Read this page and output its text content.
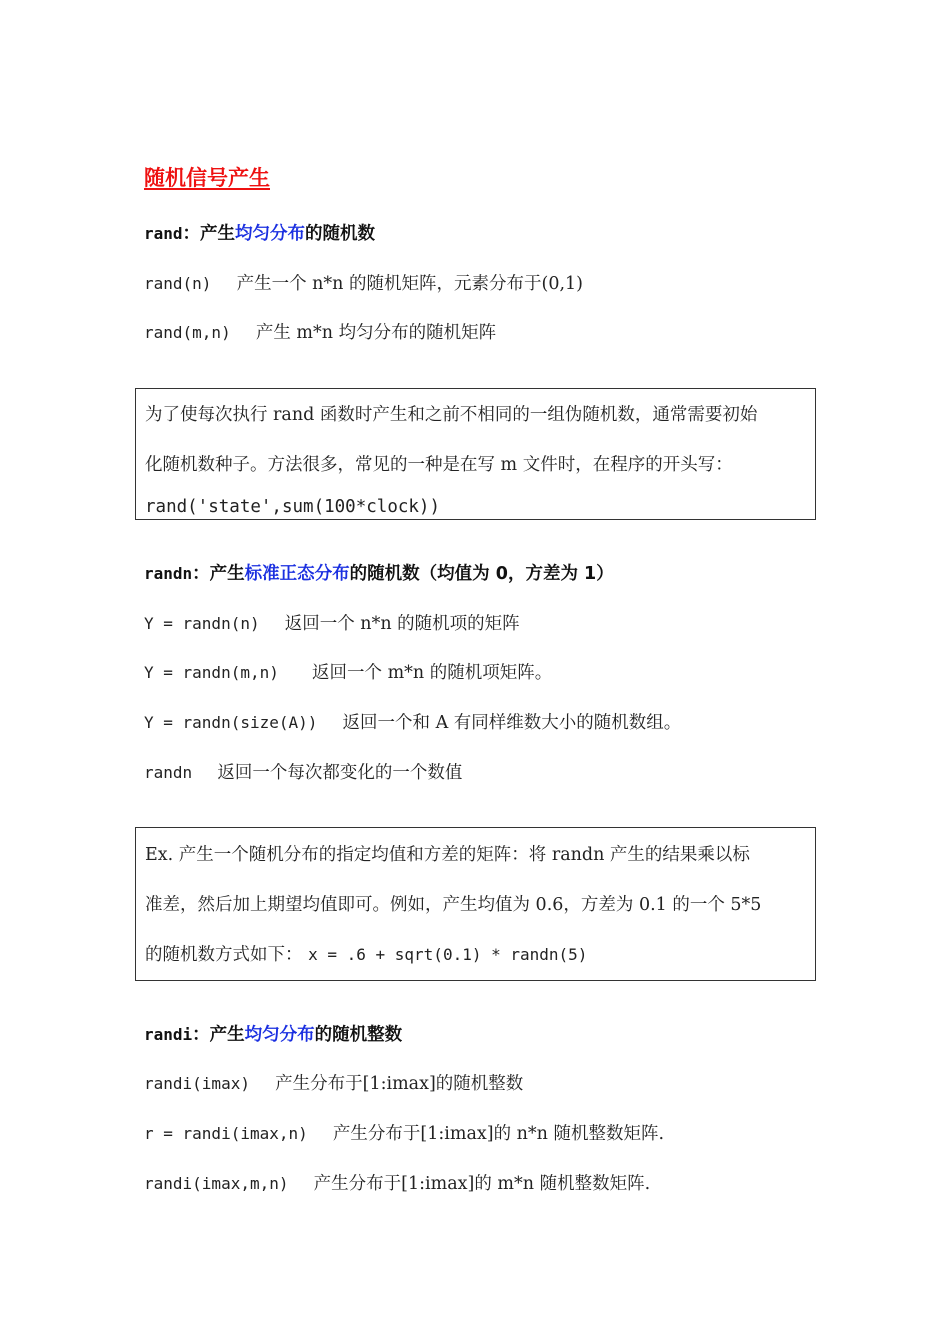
随机信号产生
rand：产生均匀分布的随机数
rand(n) 产生一个 n*n 的随机矩阵，元素分布于(0,1)
rand(m,n) 产生 m*n 均匀分布的随机矩阵
为了使每次执行 rand 函数时产生和之前不相同的一组伪随机数，通常需要初始
化随机数种子。方法很多，常见的一种是在写 m 文件时，在程序的开头写：
rand('state',sum(100*clock))
randn：产生标准正态分布的随机数（均值为 0，方差为 1）
Y = randn(n) 返回一个 n*n 的随机项的矩阵
Y = randn(m,n) 返回一个 m*n 的随机项矩阵。
Y = randn(size(A)) 返回一个和 A 有同样维数大小的随机数组。
randn 返回一个每次都变化的一个数值
Ex. 产生一个随机分布的指定均值和方差的矩阵：将 randn 产生的结果乘以标
准差，然后加上期望均值即可。例如，产生均值为 0.6，方差为 0.1 的一个 5*5
的随机数方式如下： x = .6 + sqrt(0.1) * randn(5)
randi：产生均匀分布的随机整数
randi(imax) 产生分布于[1:imax]的随机整数
r = randi(imax,n) 产生分布于[1:imax]的 n*n 随机整数矩阵.
randi(imax,m,n) 产生分布于[1:imax]的 m*n 随机整数矩阵.
